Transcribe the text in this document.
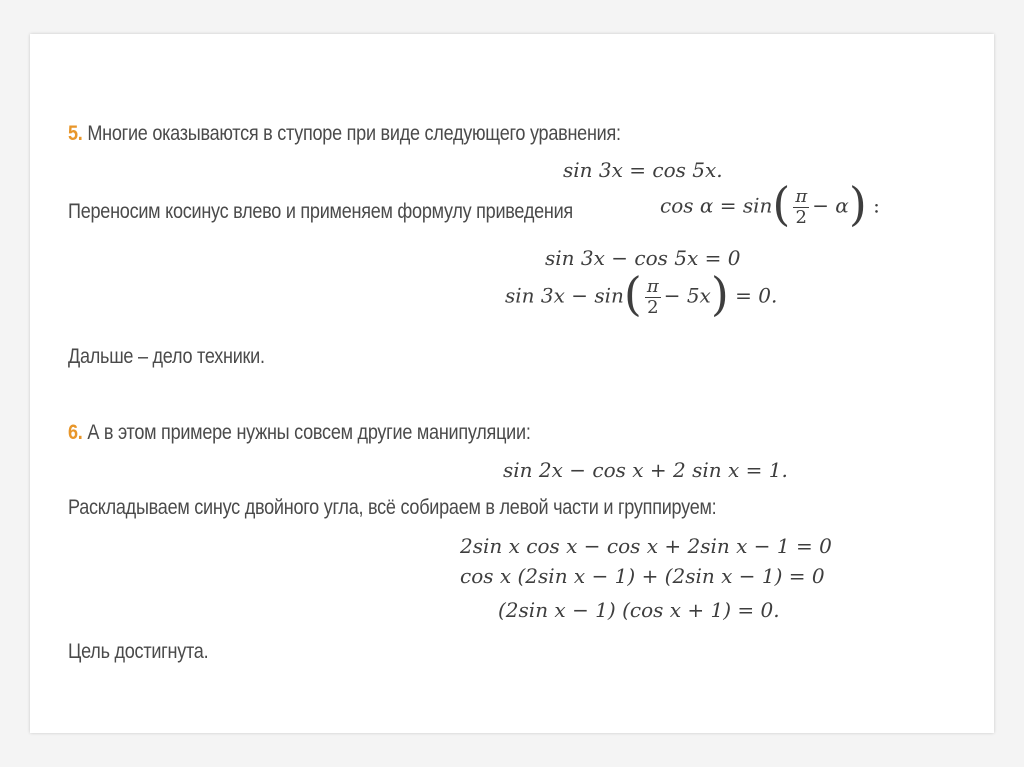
5. Многие оказываются в ступоре при виде следующего уравнения:
sin 3x = cos 5x.
Переносим косинус влево и применяем формулу приведения	$\cos \alpha = \sin( \frac{\pi}{2} - \alpha)$ :
sin 3x − cos 5x = 0
$\sin 3x - \sin( \frac{\pi}{2} - 5x) = 0$.
Дальше – дело техники.
6. А в этом примере нужны совсем другие манипуляции:
sin 2x − cos x + 2 sin x = 1.
Раскладываем синус двойного угла, всё собираем в левой части и группируем:
2sin x cos x − cos x + 2sin x − 1 = 0
cos x (2sin x − 1) + (2sin x − 1) = 0
(2sin x − 1) (cos x + 1) = 0.
Цель достигнута.
